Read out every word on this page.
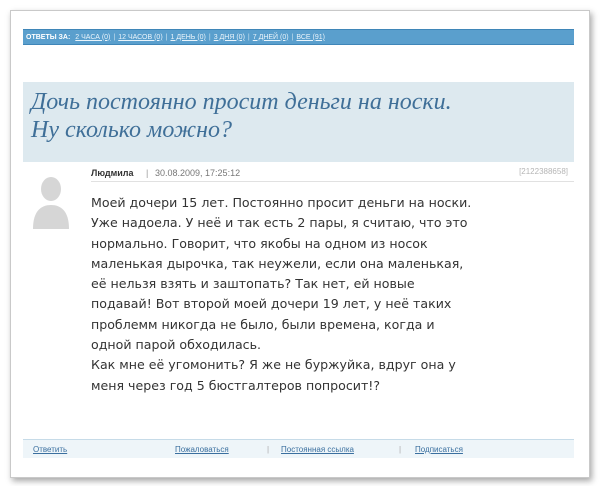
ОТВЕТЫ ЗА: 2 ЧАСА (0) | 12 ЧАСОВ (0) | 1 ДЕНЬ (0) | 3 ДНЯ (0) | 7 ДНЕЙ (0) | ВСЕ (91)
Дочь постоянно просит деньги на носки.
Ну сколько можно?
Людмила | 30.08.2009, 17:25:12	[2122388658]
Моей дочери 15 лет. Постоянно просит деньги на носки.
Уже надоела. У неё и так есть 2 пары, я считаю, что это
нормально. Говорит, что якобы на одном из носок
маленькая дырочка, так неужели, если она маленькая,
её нельзя взять и заштопать? Так нет, ей новые
подавай! Вот второй моей дочери 19 лет, у неё таких
проблемм никогда не было, были времена, когда и
одной парой обходилась.
Как мне её угомонить? Я же не буржуйка, вдруг она у
меня через год 5 бюстгалтеров попросит!?
Ответить	Пожаловаться	| Постоянная ссылка	| Подписаться
